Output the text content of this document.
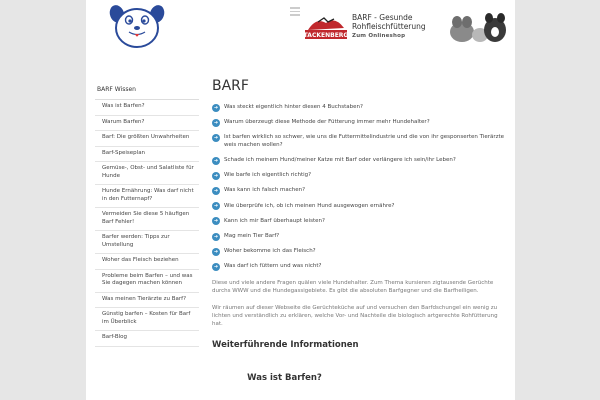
TACKENBERG
BARF - Gesunde Rohfleischfütterung
Zum Onlineshop
BARF Wissen
Was ist Barfen?
Warum Barfen?
Barf: Die größten Unwahrheiten
Barf-Speiseplan
Gemüse-, Obst- und Salatliste für Hunde
Hunde Ernährung: Was darf nicht in den Futternapf?
Vermeiden Sie diese 5 häufigen Barf Fehler!
Barfer werden: Tipps zur Umstellung
Woher das Fleisch beziehen
Probleme beim Barfen – und was Sie dagegen machen können
Was meinen Tierärzte zu Barf?
Günstig barfen – Kosten für Barf im Überblick
Barf-Blog
BARF
➜	Was steckt eigentlich hinter diesen 4 Buchstaben?
➜	Warum überzeugt diese Methode der Fütterung immer mehr Hundehalter?
➜	Ist barfen wirklich so schwer, wie uns die Futtermittelindustrie und die von ihr gesponserten Tierärzte weis machen wollen?
➜	Schade ich meinem Hund/meiner Katze mit Barf oder verlängere ich sein/ihr Leben?
➜	Wie barfe ich eigentlich richtig?
➜	Was kann ich falsch machen?
➜	Wie überprüfe ich, ob ich meinen Hund ausgewogen ernähre?
➜	Kann ich mir Barf überhaupt leisten?
➜	Mag mein Tier Barf?
➜	Woher bekomme ich das Fleisch?
➜	Was darf ich füttern und was nicht?

Diese und viele andere Fragen quälen viele Hundehalter. Zum Thema kursieren zigtausende Gerüchte durchs WWW und die Hundegassigebiete. Es gibt die absoluten Barfgegner und die Barfheiligen.

Wir räumen auf dieser Webseite die Gerüchteküche auf und versuchen den Barfdschungel ein wenig zu lichten und verständlich zu erklären, welche Vor- und Nachteile die biologisch artgerechte Rohfütterung hat.

Weiterführende Informationen
Was ist Barfen?
